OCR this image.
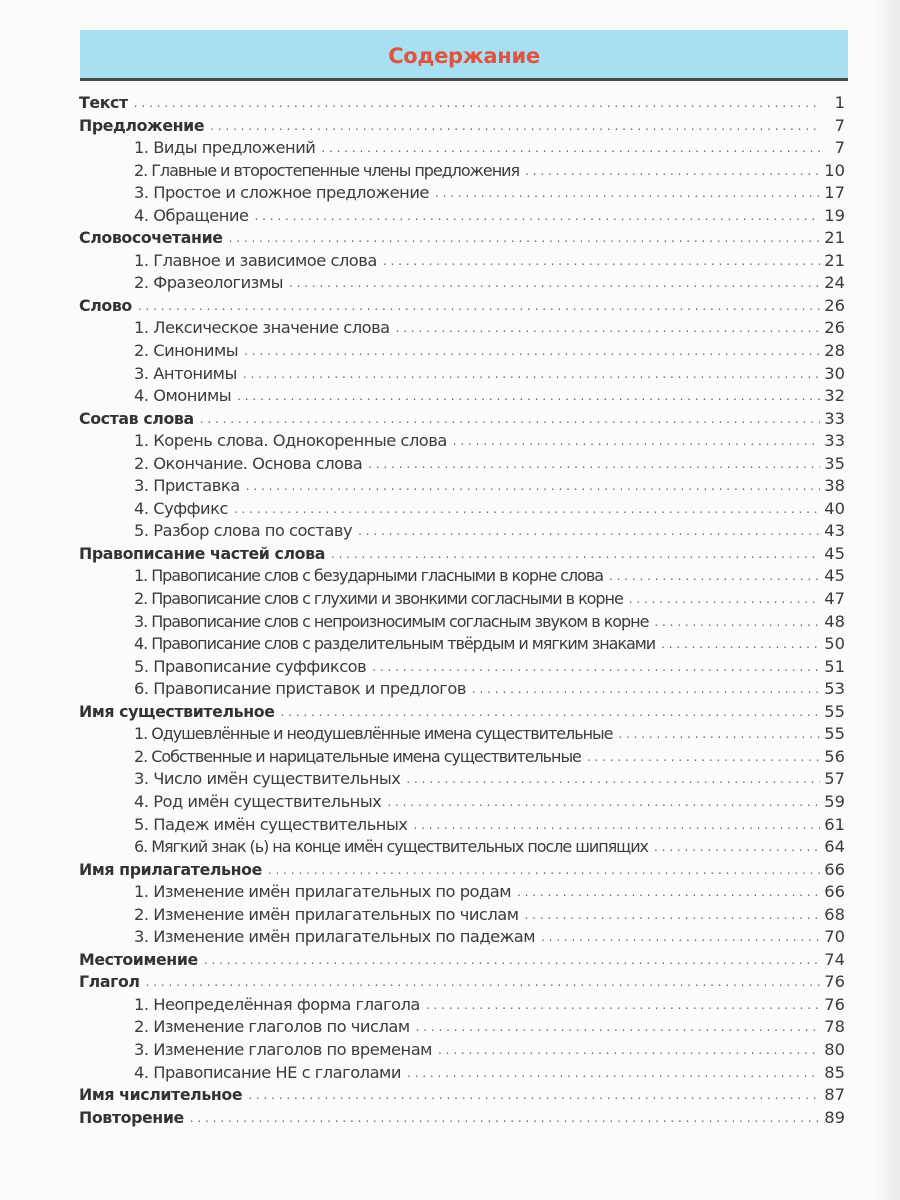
Содержание
Текст . . .	1
Предложение . . .	7
1. Виды предложений . . .	7
2. Главные и второстепенные члены предложения . . .	10
3. Простое и сложное предложение . . .	17
4. Обращение . . .	19
Словосочетание . . .	21
1. Главное и зависимое слова . . .	21
2. Фразеологизмы . . .	24
Слово . . .	26
1. Лексическое значение слова . . .	26
2. Синонимы . . .	28
3. Антонимы . . .	30
4. Омонимы . . .	32
Состав слова . . .	33
1. Корень слова. Однокоренные слова . . .	33
2. Окончание. Основа слова . . .	35
3. Приставка . . .	38
4. Суффикс . . .	40
5. Разбор слова по составу . . .	43
Правописание частей слова . . .	45
1. Правописание слов с безударными гласными в корне слова . . .	45
2. Правописание слов с глухими и звонкими согласными в корне . . .	47
3. Правописание слов с непроизносимым согласным звуком в корне . . .	48
4. Правописание слов с разделительным твёрдым и мягким знаками . . .	50
5. Правописание суффиксов . . .	51
6. Правописание приставок и предлогов . . .	53
Имя существительное . . .	55
1. Одушевлённые и неодушевлённые имена существительные . . .	55
2. Собственные и нарицательные имена существительные . . .	56
3. Число имён существительных . . .	57
4. Род имён существительных . . .	59
5. Падеж имён существительных . . .	61
6. Мягкий знак (ь) на конце имён существительных после шипящих . . .	64
Имя прилагательное . . .	66
1. Изменение имён прилагательных по родам . . .	66
2. Изменение имён прилагательных по числам . . .	68
3. Изменение имён прилагательных по падежам . . .	70
Местоимение . . .	74
Глагол . . .	76
1. Неопределённая форма глагола . . .	76
2. Изменение глаголов по числам . . .	78
3. Изменение глаголов по временам . . .	80
4. Правописание НЕ с глаголами . . .	85
Имя числительное . . .	87
Повторение . . .	89
